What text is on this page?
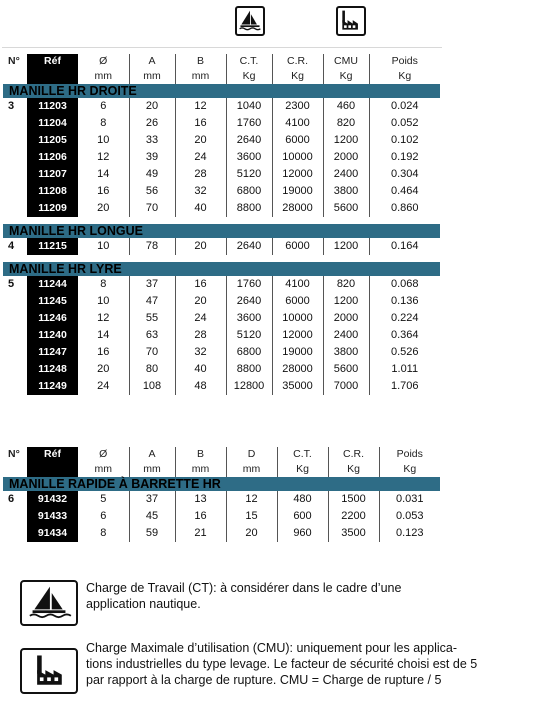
N°	Réf	Ø	A	B	C.T.	C.R.	CMU	Poids
		mm	mm	mm	Kg	Kg	Kg	Kg
MANILLE HR DROITE								
3	11203	6	20	12	1040	2300	460	0.024
	11204	8	26	16	1760	4100	820	0.052
	11205	10	33	20	2640	6000	1200	0.102
	11206	12	39	24	3600	10000	2000	0.192
	11207	14	49	28	5120	12000	2400	0.304
	11208	16	56	32	6800	19000	3800	0.464
	11209	20	70	40	8800	28000	5600	0.860

MANILLE HR LONGUE								
4	11215	10	78	20	2640	6000	1200	0.164

MANILLE HR LYRE								
5	11244	8	37	16	1760	4100	820	0.068
	11245	10	47	20	2640	6000	1200	0.136
	11246	12	55	24	3600	10000	2000	0.224
	11240	14	63	28	5120	12000	2400	0.364
	11247	16	70	32	6800	19000	3800	0.526
	11248	20	80	40	8800	28000	5600	1.011
	11249	24	108	48	12800	35000	7000	1.706
N°	Réf	Ø	A	B	D	C.T.	C.R.	Poids
		mm	mm	mm	mm	Kg	Kg	Kg
MANILLE RAPIDE À BARRETTE HR								
6	91432	5	37	13	12	480	1500	0.031
	91433	6	45	16	15	600	2200	0.053
	91434	8	59	21	20	960	3500	0.123
Charge de Travail (CT): à considérer dans le cadre d’une
application nautique.
Charge Maximale d’utilisation (CMU): uniquement pour les applica-
tions industrielles du type levage. Le facteur de sécurité choisi est de 5
par rapport à la charge de rupture. CMU = Charge de rupture / 5
